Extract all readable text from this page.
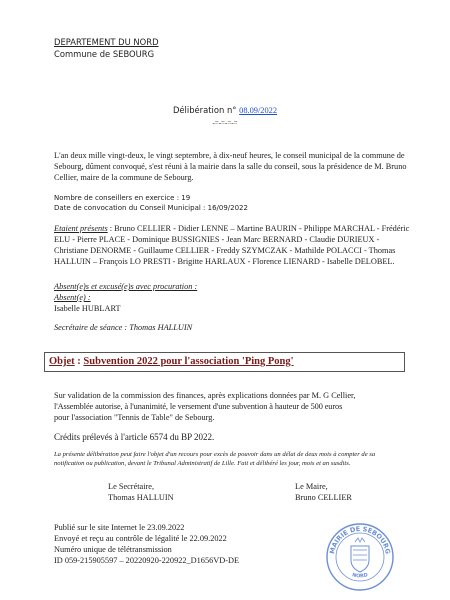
DEPARTEMENT DU NORD
Commune de SEBOURG
Délibération n° 08.09/2022
-=-=-=-=
L'an deux mille vingt-deux, le vingt septembre, à dix-neuf heures, le conseil municipal de la commune de Sebourg, dûment convoqué, s'est réuni à la mairie dans la salle du conseil, sous la présidence de M. Bruno Cellier, maire de la commune de Sebourg.
Nombre de conseillers en exercice : 19
Date de convocation du Conseil Municipal : 16/09/2022
Etaient présents : Bruno CELLIER - Didier LENNE – Martine BAURIN - Philippe MARCHAL - Frédéric ELU - Pierre PLACE - Dominique BUSSIGNIES - Jean Marc BERNARD - Claudie DURIEUX - Christiane DENORME - Guillaume CELLIER - Freddy SZYMCZAK - Mathilde POLACCI - Thomas HALLUIN – François LO PRESTI - Brigitte HARLAUX - Florence LIENARD - Isabelle DELOBEL.
Absent(e)s et excusé(e)s avec procuration :
Absent(e) :
Isabelle HUBLART
Secrétaire de séance : Thomas HALLUIN
Objet : Subvention 2022 pour l'association 'Ping Pong'
Sur validation de la commission des finances, après explications données par M. G Cellier,
l'Assemblée autorise, à l'unanimité, le versement d'une subvention à hauteur de 500 euros
pour l'association "Tennis de Table" de Sebourg.
Crédits prélevés à l'article 6574 du BP 2022.
La présente délibération peut faire l'objet d'un recours pour excès de pouvoir dans un délai de deux mois à compter de sa
notification ou publication, devant le Tribunal Administratif de Lille. Fait et délibéré les jour, mois et an susdits.
Le Secrétaire,
Thomas HALLUIN
Le Maire,
Bruno CELLIER
Publié sur le site Internet le 23.09.2022
Envoyé et reçu au contrôle de légalité le 22.09.2022
Numéro unique de télétransmission
ID 059-215905597 – 20220920-220922_D1656VD-DE
MAIRIE DE SEBOURG
NORD
